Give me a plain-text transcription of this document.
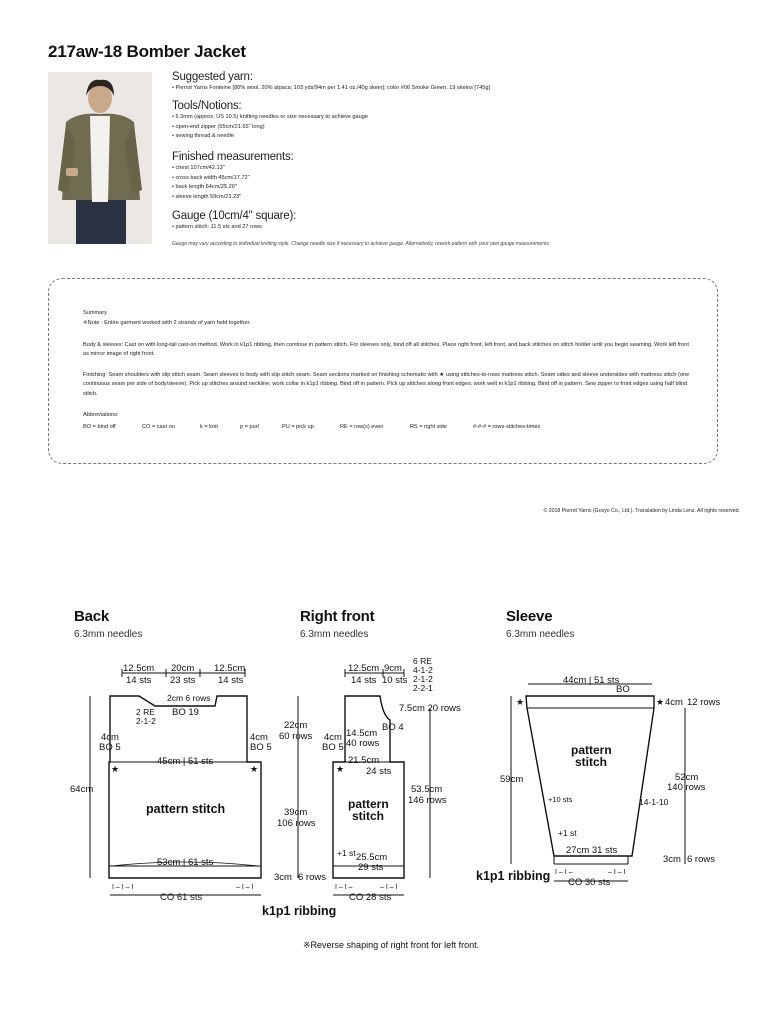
217aw-18 Bomber Jacket
Suggested yarn:
• Pierrot Yarns Fonteine [80% wool, 20% alpaca; 103 yds/94m per 1.41 oz./40g skein]; color #06 Smoke Green, 19 skeins [745g]
Tools/Notions:
• 6.3mm (approx. US 10.5) knitting needles or size necessary to achieve gauge
• open-end zipper (55cm/21.65" long)
• sewing thread & needle
Finished measurements:
• chest 107cm/42.13"
• cross back width 45cm/17.72"
• back length 64cm/25.20"
• sleeve length 59cm/23.23"
Gauge (10cm/4" square):
• pattern stitch: 11.5 sts and 27 rows
Gauge may vary according to individual knitting style. Change needle size if necessary to achieve gauge. Alternatively, rework pattern with your own gauge measurements.
Summary
※Note : Entire garment worked with 2 strands of yarn held together.
Body & sleeves: Cast on with long-tail cast-on method. Work in k1p1 ribbing, then continue in pattern stitch. For sleeves only, bind off all stitches. Place right front, left front, and back stitches on stitch holder until you begin seaming. Work left front as mirror image of right front.
Finishing: Seam shoulders with slip stitch seam. Seam sleeves to body with slip stitch seam. Seam sections marked on finishing schematic with ★ using stitches-to-rows mattress stitch. Seam sides and sleeve undersides with mattress stitch (one continuous seam per side of body/sleeve). Pick up stitches around neckline; work collar in k1p1 ribbing. Bind off in pattern. Pick up stitches along front edges; work welt in k1p1 ribbing. Bind off in pattern. Sew zipper to front edges using half blind stitch.
Abbreviations:
BO = bind off	CO = cast on	k = knit	p = purl	PU = pick up	RE = row(s) even	RS = right side	#-#-# = rows-stitches-times
© 2018 Pierrot Yarns (Gosyo Co., Ltd.). Translation by Linda Lenz. All rights reserved.
Back
6.3mm needles
Right front
6.3mm needles
Sleeve
6.3mm needles
12.5cm
14 sts
20cm
23 sts
12.5cm
14 sts
2cm 6 rows
2 RE
2-1-2
BO 19
4cm
BO 5
4cm
BO 5
45cm | 51 sts
64cm
pattern stitch
53cm | 61 sts
I – I – I	– I – I
CO 61 sts
★	★
12.5cm
14 sts
9cm
10 sts
6 RE
4-1-2
2-1-2
2-2-1
7.5cm 20 rows
BO 4
22cm
60 rows 4cm
BO 5
14.5cm
40 rows
21.5cm
24 sts
53.5cm
146 rows
39cm
106 rows
pattern
stitch
+1 st 25.5cm
29 sts
3cm 6 rows
I – I –	– I – I
CO 28 sts
★
k1p1 ribbing
44cm | 51 sts
BO
4cm 12 rows
59cm	52cm
140 rows
pattern
stitch
+10 sts	14-1-10
+1 st
27cm 31 sts
3cm 6 rows
I – I –	– I – I
CO 30 sts
★	★
k1p1 ribbing
※Reverse shaping of right front for left front.
